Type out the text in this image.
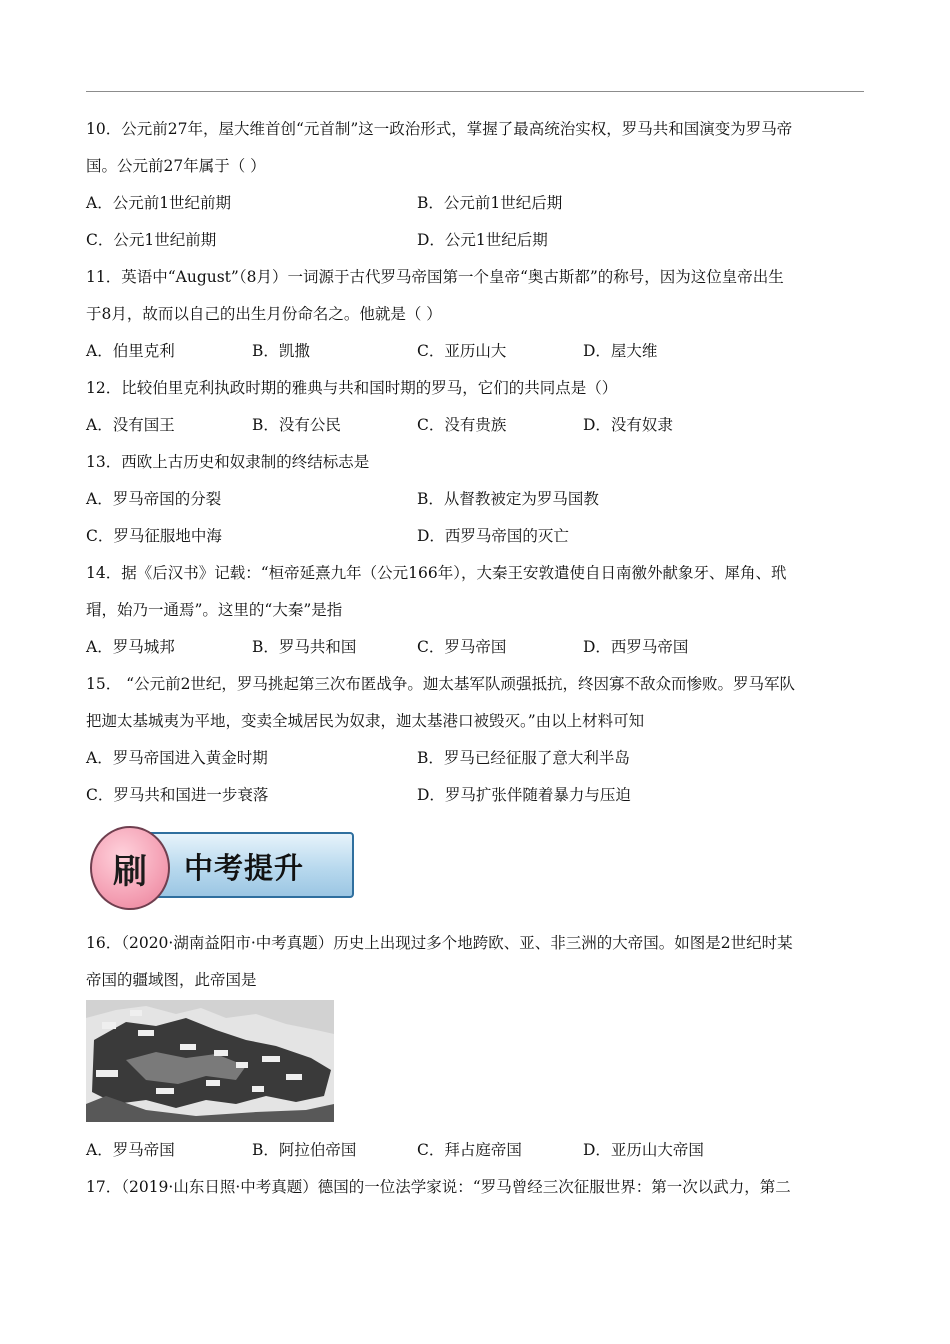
10．公元前27年，屋大维首创“元首制”这一政治形式，掌握了最高统治实权，罗马共和国演变为罗马帝
国。公元前27年属于（ ）
A．公元前1世纪前期	B．公元前1世纪后期
C．公元1世纪前期	D．公元1世纪后期
11．英语中“August”（8月）一词源于古代罗马帝国第一个皇帝“奥古斯都”的称号，因为这位皇帝出生
于8月，故而以自己的出生月份命名之。他就是（ ）
A．伯里克利	B．凯撒	C．亚历山大	D．屋大维
12．比较伯里克利执政时期的雅典与共和国时期的罗马，它们的共同点是（）
A．没有国王	B．没有公民	C．没有贵族	D．没有奴隶
13．西欧上古历史和奴隶制的终结标志是
A．罗马帝国的分裂	B．从督教被定为罗马国教
C．罗马征服地中海	D．西罗马帝国的灭亡
14．据《后汉书》记载：“桓帝延熹九年（公元166年），大秦王安敦遣使自日南徼外献象牙、犀角、玳
瑁，始乃一通焉”。这里的“大秦”是指
A．罗马城邦	B．罗马共和国	C．罗马帝国	D．西罗马帝国
15． “公元前2世纪，罗马挑起第三次布匿战争。迦太基军队顽强抵抗，终因寡不敌众而惨败。罗马军队
把迦太基城夷为平地，变卖全城居民为奴隶，迦太基港口被毁灭。”由以上材料可知
A．罗马帝国进入黄金时期	B．罗马已经征服了意大利半岛
C．罗马共和国进一步衰落	D．罗马扩张伴随着暴力与压迫
刷	中考提升
16．（2020·湖南益阳市·中考真题）历史上出现过多个地跨欧、亚、非三洲的大帝国。如图是2世纪时某
帝国的疆域图，此帝国是
A．罗马帝国	B．阿拉伯帝国	C．拜占庭帝国	D．亚历山大帝国
17．（2019·山东日照·中考真题）德国的一位法学家说：“罗马曾经三次征服世界：第一次以武力，第二
